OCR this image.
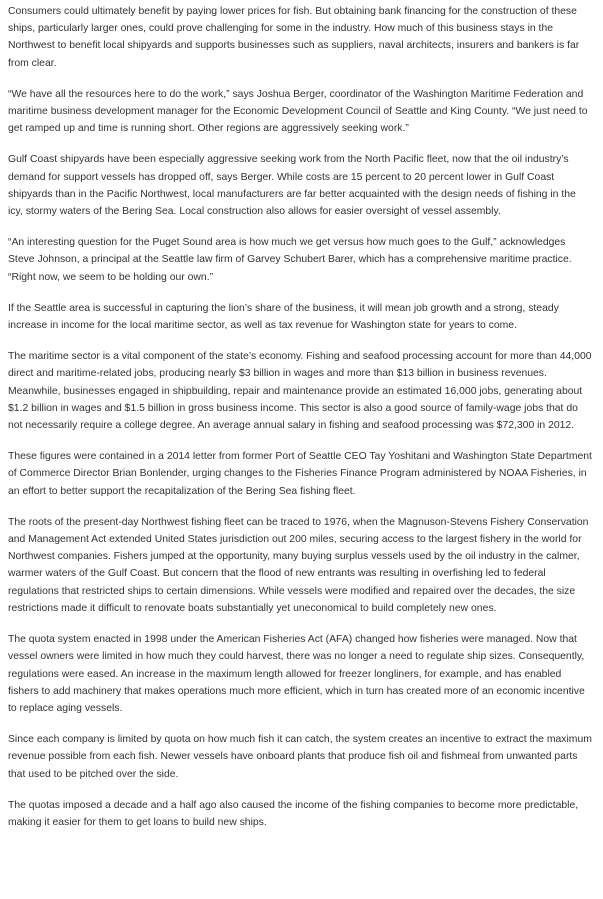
Consumers could ultimately benefit by paying lower prices for fish. But obtaining bank financing for the construction of these ships, particularly larger ones, could prove challenging for some in the industry. How much of this business stays in the Northwest to benefit local shipyards and supports businesses such as suppliers, naval architects, insurers and bankers is far from clear.

“We have all the resources here to do the work,” says Joshua Berger, coordinator of the Washington Maritime Federation and maritime business development manager for the Economic Development Council of Seattle and King County. “We just need to get ramped up and time is running short. Other regions are aggressively seeking work.”

Gulf Coast shipyards have been especially aggressive seeking work from the North Pacific fleet, now that the oil industry’s demand for support vessels has dropped off, says Berger. While costs are 15 percent to 20 percent lower in Gulf Coast shipyards than in the Pacific Northwest, local manufacturers are far better acquainted with the design needs of fishing in the icy, stormy waters of the Bering Sea. Local construction also allows for easier oversight of vessel assembly.

“An interesting question for the Puget Sound area is how much we get versus how much goes to the Gulf,” acknowledges Steve Johnson, a principal at the Seattle law firm of Garvey Schubert Barer, which has a comprehensive maritime practice. “Right now, we seem to be holding our own.”

If the Seattle area is successful in capturing the lion’s share of the business, it will mean job growth and a strong, steady increase in income for the local maritime sector, as well as tax revenue for Washington state for years to come.

The maritime sector is a vital component of the state’s economy. Fishing and seafood processing account for more than 44,000 direct and maritime-related jobs, producing nearly $3 billion in wages and more than $13 billion in business revenues. Meanwhile, businesses engaged in shipbuilding, repair and maintenance provide an estimated 16,000 jobs, generating about $1.2 billion in wages and $1.5 billion in gross business income. This sector is also a good source of family-wage jobs that do not necessarily require a college degree. An average annual salary in fishing and seafood processing was $72,300 in 2012.

These figures were contained in a 2014 letter from former Port of Seattle CEO Tay Yoshitani and Washington State Department of Commerce Director Brian Bonlender, urging changes to the Fisheries Finance Program administered by NOAA Fisheries, in an effort to better support the recapitalization of the Bering Sea fishing fleet.

The roots of the present-day Northwest fishing fleet can be traced to 1976, when the Magnuson-Stevens Fishery Conservation and Management Act extended United States jurisdiction out 200 miles, securing access to the largest fishery in the world for Northwest companies. Fishers jumped at the opportunity, many buying surplus vessels used by the oil industry in the calmer, warmer waters of the Gulf Coast. But concern that the flood of new entrants was resulting in overfishing led to federal regulations that restricted ships to certain dimensions. While vessels were modified and repaired over the decades, the size restrictions made it difficult to renovate boats substantially yet uneconomical to build completely new ones.

The quota system enacted in 1998 under the American Fisheries Act (AFA) changed how fisheries were managed. Now that vessel owners were limited in how much they could harvest, there was no longer a need to regulate ship sizes. Consequently, regulations were eased. An increase in the maximum length allowed for freezer longliners, for example, and has enabled fishers to add machinery that makes operations much more efficient, which in turn has created more of an economic incentive to replace aging vessels.

Since each company is limited by quota on how much fish it can catch, the system creates an incentive to extract the maximum revenue possible from each fish. Newer vessels have onboard plants that produce fish oil and fishmeal from unwanted parts that used to be pitched over the side.

The quotas imposed a decade and a half ago also caused the income of the fishing companies to become more predictable, making it easier for them to get loans to build new ships.
